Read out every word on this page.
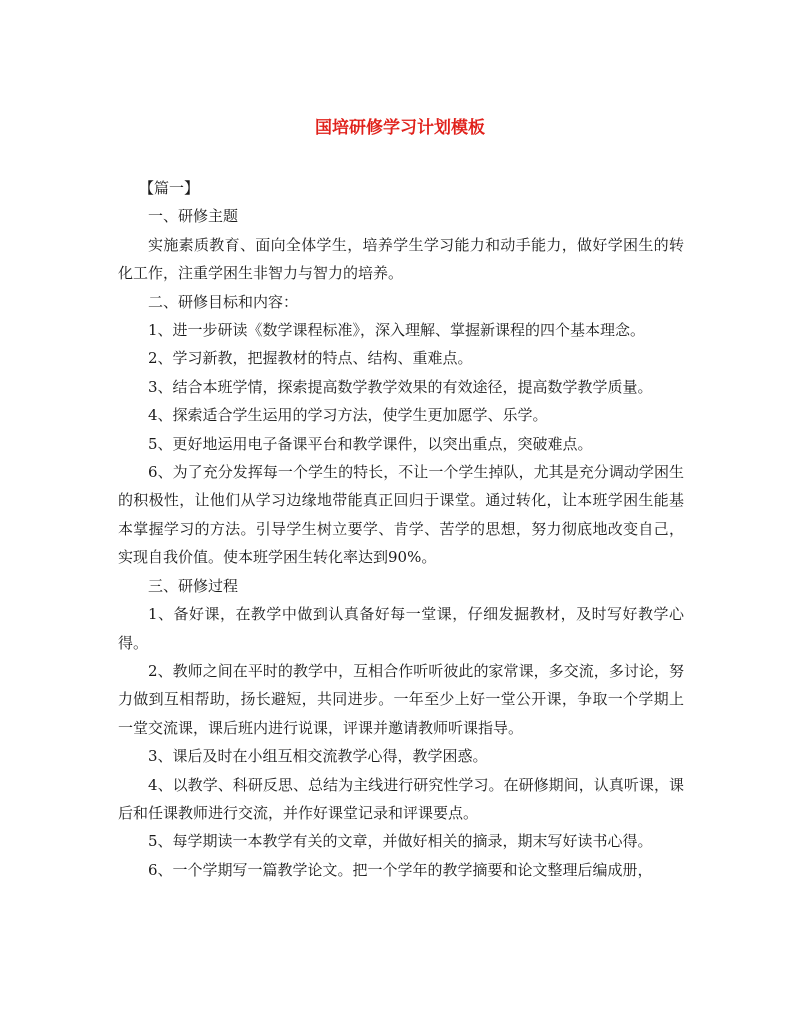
国培研修学习计划模板

【篇一】

一、研修主题

实施素质教育、面向全体学生，培养学生学习能力和动手能力，做好学困生的转化工作，注重学困生非智力与智力的培养。

二、研修目标和内容：

1、进一步研读《数学课程标准》，深入理解、掌握新课程的四个基本理念。

2、学习新教，把握教材的特点、结构、重难点。

3、结合本班学情，探索提高数学教学效果的有效途径，提高数学教学质量。

4、探索适合学生运用的学习方法，使学生更加愿学、乐学。

5、更好地运用电子备课平台和教学课件，以突出重点，突破难点。

6、为了充分发挥每一个学生的特长，不让一个学生掉队，尤其是充分调动学困生的积极性，让他们从学习边缘地带能真正回归于课堂。通过转化，让本班学困生能基本掌握学习的方法。引导学生树立要学、肯学、苦学的思想，努力彻底地改变自己，实现自我价值。使本班学困生转化率达到90%。

三、研修过程

1、备好课，在教学中做到认真备好每一堂课，仔细发掘教材，及时写好教学心得。

2、教师之间在平时的教学中，互相合作听听彼此的家常课，多交流，多讨论，努力做到互相帮助，扬长避短，共同进步。一年至少上好一堂公开课，争取一个学期上一堂交流课，课后班内进行说课，评课并邀请教师听课指导。

3、课后及时在小组互相交流教学心得，教学困惑。

4、以教学、科研反思、总结为主线进行研究性学习。在研修期间，认真听课，课后和任课教师进行交流，并作好课堂记录和评课要点。

5、每学期读一本教学有关的文章，并做好相关的摘录，期末写好读书心得。

6、一个学期写一篇教学论文。把一个学年的教学摘要和论文整理后编成册，
